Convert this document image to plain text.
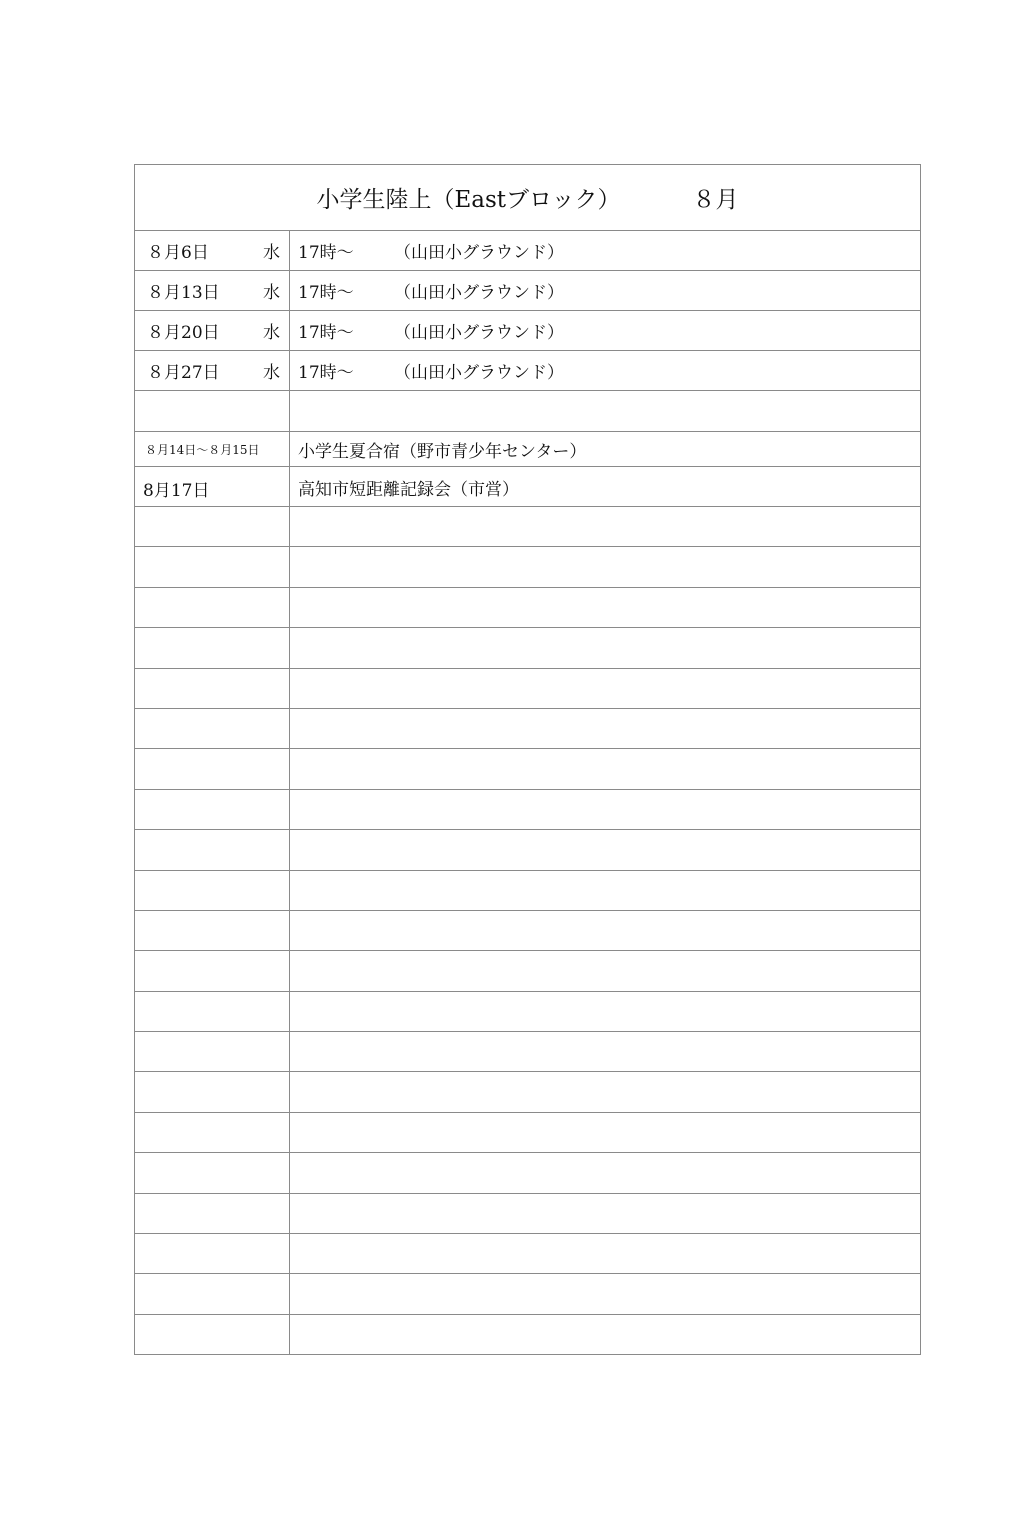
小学生陸上（Eastブロック） ８月	

８月6日 水	17時〜 （山田小グラウンド）

８月13日 水	17時〜 （山田小グラウンド）

８月20日 水	17時〜 （山田小グラウンド）

８月27日 水	17時〜 （山田小グラウンド）

８月14日〜８月15日	小学生夏合宿（野市青少年センター）

8月17日	高知市短距離記録会（市営）
